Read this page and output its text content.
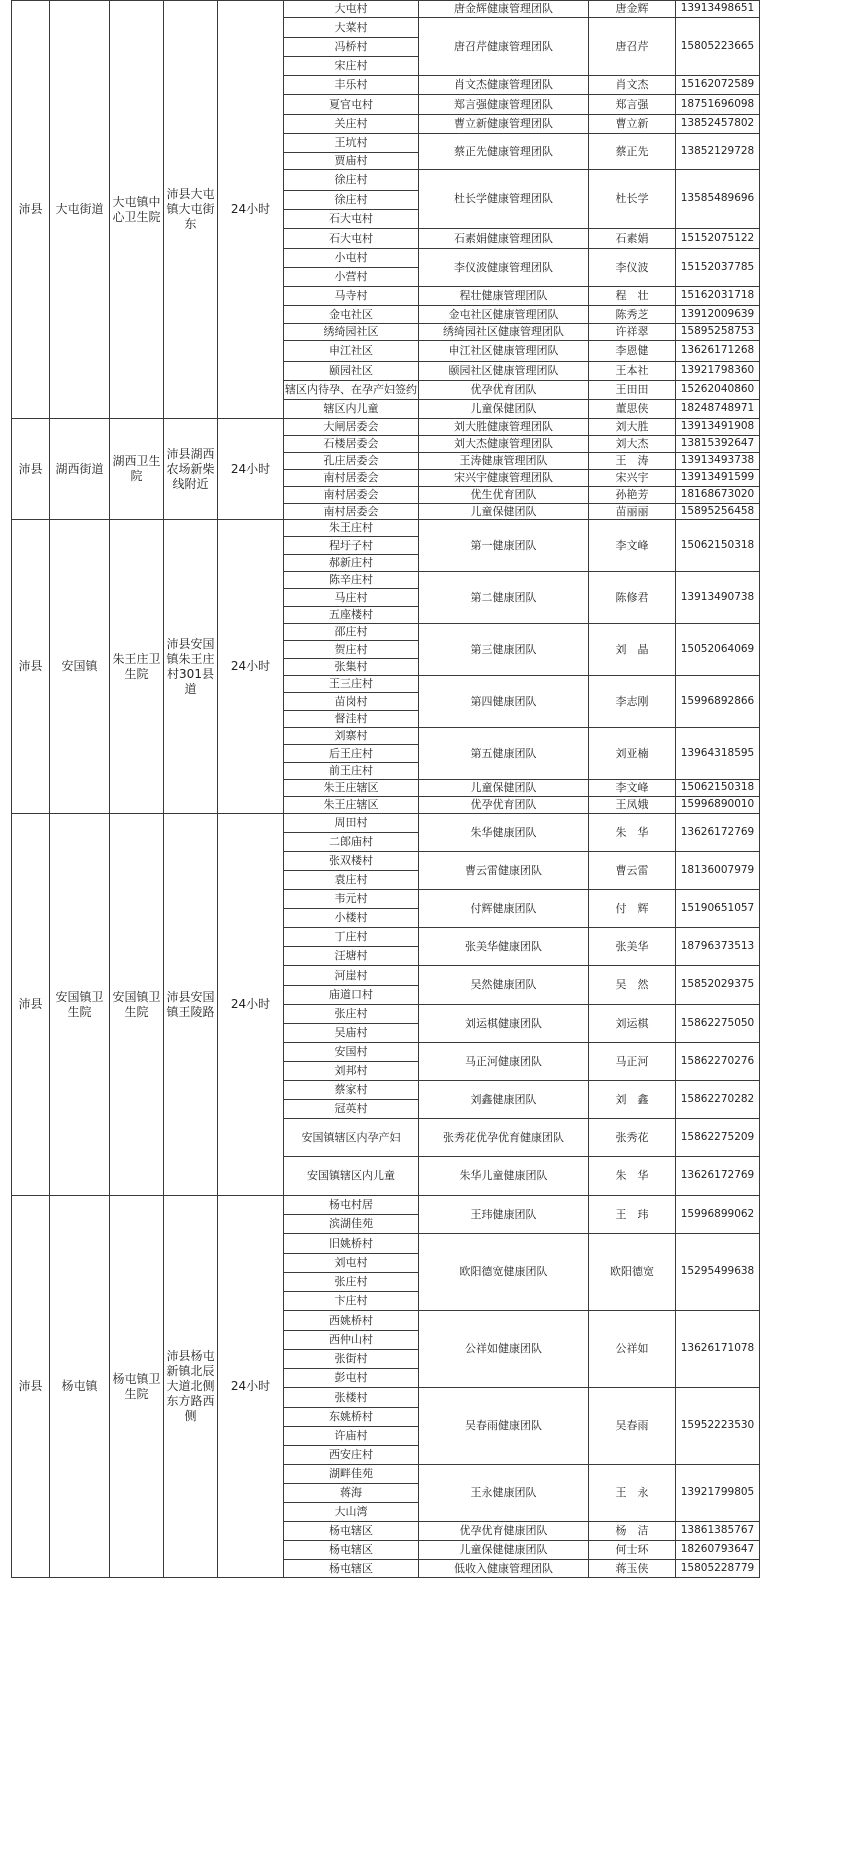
沛县	大屯街道	大屯镇中心卫生院	沛县大屯镇大屯街东	24小时	大屯村	唐金辉健康管理团队	唐金辉	13913498651
					大菜村	唐召芹健康管理团队	唐召芹	15805223665
					冯桥村			
					宋庄村			
					丰乐村	肖文杰健康管理团队	肖文杰	15162072589
					夏官屯村	郑言强健康管理团队	郑言强	18751696098
					关庄村	曹立新健康管理团队	曹立新	13852457802
					王坑村	蔡正先健康管理团队	蔡正先	13852129728
					贾庙村			
					徐庄村	杜长学健康管理团队	杜长学	13585489696
					徐庄村			
					石大屯村			
					石大屯村	石素娟健康管理团队	石素娟	15152075122
					小屯村	李仪波健康管理团队	李仪波	15152037785
					小营村			
					马寺村	程壮健康管理团队	程　壮	15162031718
					金屯社区	金屯社区健康管理团队	陈秀芝	13912009639
					绣绮园社区	绣绮园社区健康管理团队	许祥翠	15895258753
					申江社区	申江社区健康管理团队	李恩健	13626171268
					颐园社区	颐园社区健康管理团队	王本社	13921798360
					辖区内待孕、在孕产妇签约	优孕优育团队	王田田	15262040860
					辖区内儿童	儿童保健团队	董思侠	18248748971
沛县	湖西街道	湖西卫生院	沛县湖西农场新柴线附近	24小时	大闸居委会	刘大胜健康管理团队	刘大胜	13913491908
					石楼居委会	刘大杰健康管理团队	刘大杰	13815392647
					孔庄居委会	王涛健康管理团队	王　涛	13913493738
					南村居委会	宋兴宇健康管理团队	宋兴宇	13913491599
					南村居委会	优生优育团队	孙艳芳	18168673020
					南村居委会	儿童保健团队	苗丽丽	15895256458
沛县	安国镇	朱王庄卫生院	沛县安国镇朱王庄村301县道	24小时	朱王庄村	第一健康团队	李文峰	15062150318
					程圩子村			
					郝新庄村			
					陈辛庄村	第二健康团队	陈修君	13913490738
					马庄村			
					五座楼村			
					邵庄村	第三健康团队	刘　晶	15052064069
					贺庄村			
					张集村			
					王三庄村	第四健康团队	李志刚	15996892866
					苗岗村			
					督洼村			
					刘寨村	第五健康团队	刘亚楠	13964318595
					后王庄村			
					前王庄村			
					朱王庄辖区	儿童保健团队	李文峰	15062150318
					朱王庄辖区	优孕优育团队	王凤娥	15996890010
沛县	安国镇卫生院	安国镇卫生院	沛县安国镇王陵路	24小时	周田村	朱华健康团队	朱　华	13626172769
					二郎庙村			
					张双楼村	曹云雷健康团队	曹云雷	18136007979
					袁庄村			
					韦元村	付辉健康团队	付　辉	15190651057
					小楼村			
					丁庄村	张美华健康团队	张美华	18796373513
					汪塘村			
					河崖村	吴然健康团队	吴　然	15852029375
					庙道口村			
					张庄村	刘运棋健康团队	刘运棋	15862275050
					吴庙村			
					安国村	马正河健康团队	马正河	15862270276
					刘邦村			
					蔡家村	刘鑫健康团队	刘　鑫	15862270282
					冠英村			
					安国镇辖区内孕产妇	张秀花优孕优育健康团队	张秀花	15862275209
					安国镇辖区内儿童	朱华儿童健康团队	朱　华	13626172769
沛县	杨屯镇	杨屯镇卫生院	沛县杨屯新镇北辰大道北侧东方路西侧	24小时	杨屯村居	王玮健康团队	王　玮	15996899062
					滨湖佳苑			
					旧姚桥村	欧阳德宽健康团队	欧阳德宽	15295499638
					刘屯村			
					张庄村			
					卞庄村			
					西姚桥村	公祥如健康团队	公祥如	13626171078
					西仲山村			
					张街村			
					彭屯村			
					张楼村	吴春雨健康团队	吴春雨	15952223530
					东姚桥村			
					许庙村			
					西安庄村			
					湖畔佳苑	王永健康团队	王　永	13921799805
					蒋海			
					大山湾			
					杨屯辖区	优孕优育健康团队	杨　洁	13861385767
					杨屯辖区	儿童保健健康团队	何士环	18260793647
					杨屯辖区	低收入健康管理团队	蒋玉侠	15805228779
